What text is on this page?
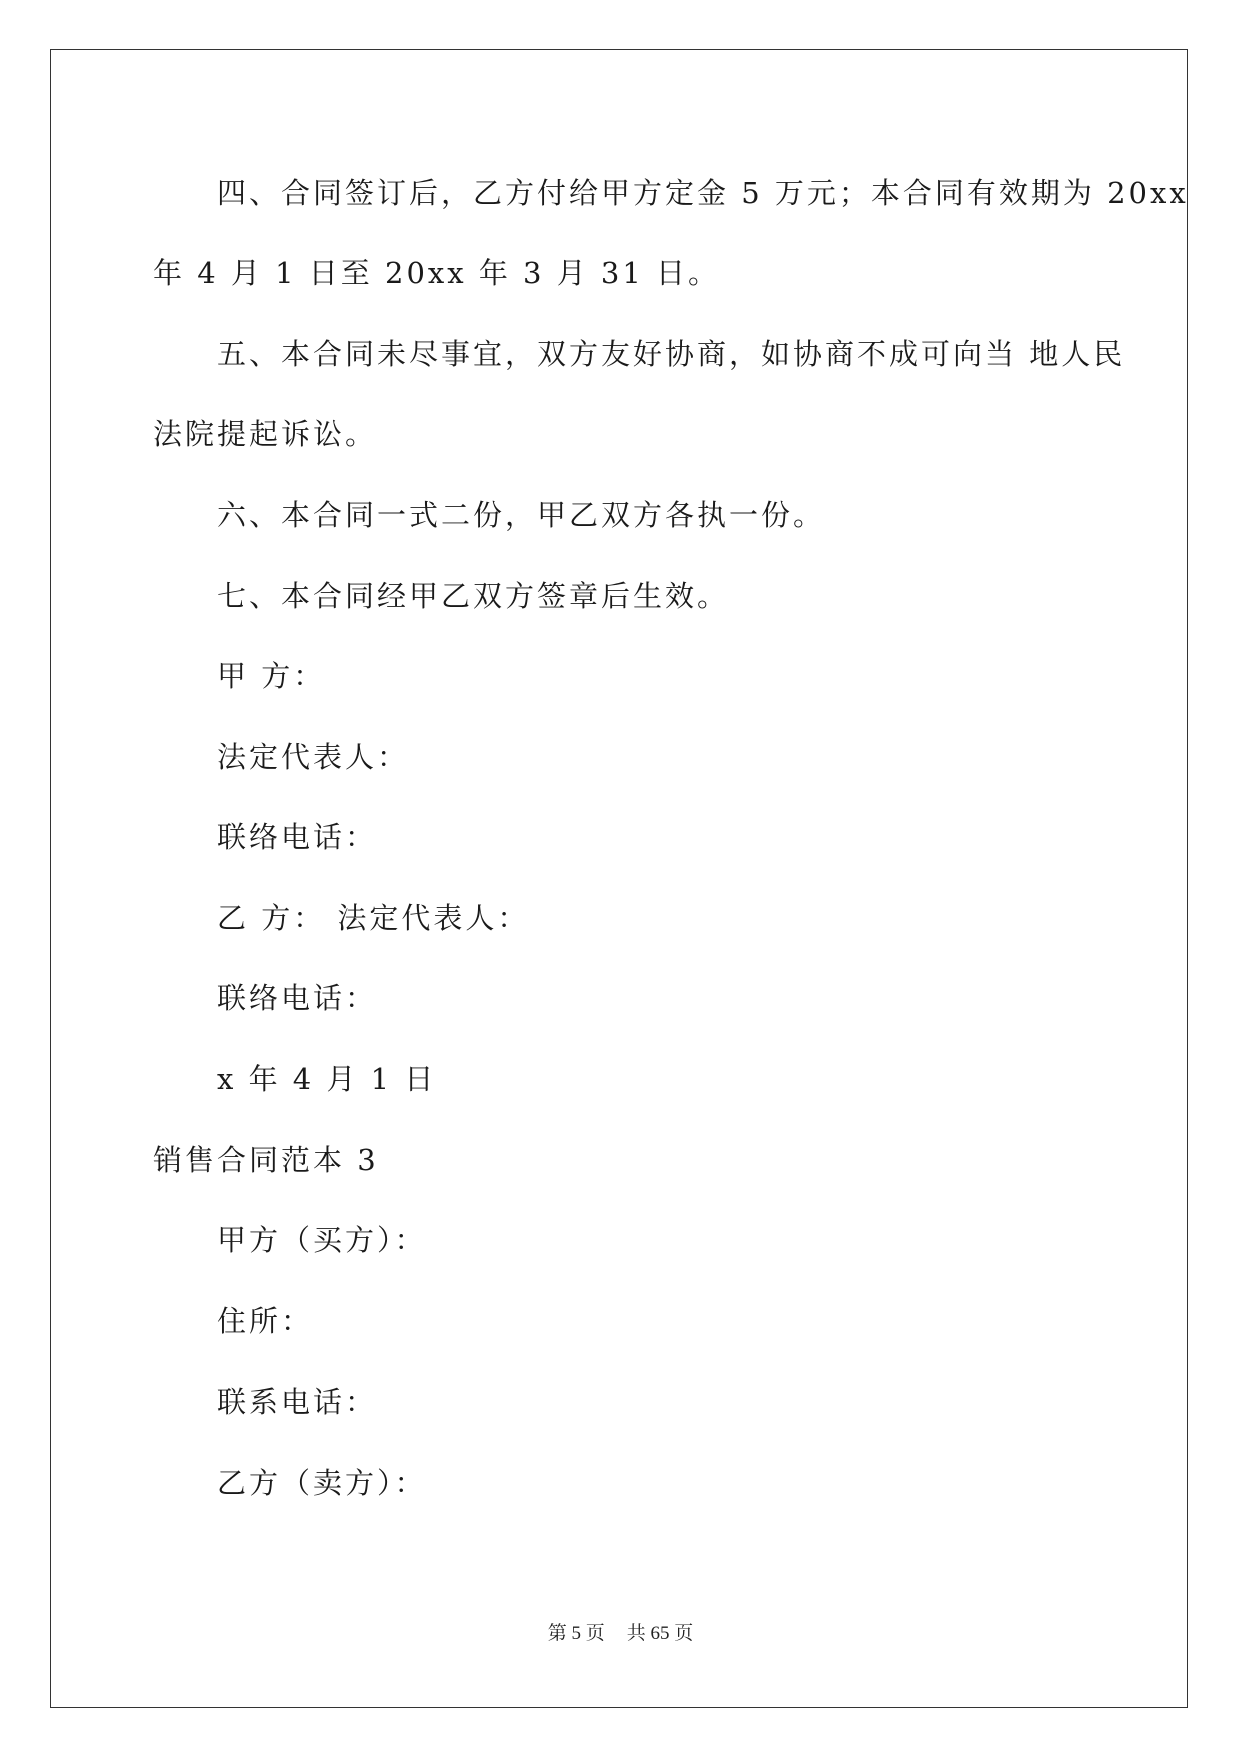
四、合同签订后，乙方付给甲方定金 5 万元；本合同有效期为 20xx
年 4 月 1 日至 20xx 年 3 月 31 日。
五、本合同未尽事宜，双方友好协商，如协商不成可向当 地人民
法院提起诉讼。
六、本合同一式二份，甲乙双方各执一份。
七、本合同经甲乙双方签章后生效。
甲 方：
法定代表人：
联络电话：
乙 方： 法定代表人：
联络电话：
x 年 4 月 1 日
销售合同范本 3
甲方（买方）：
住所：
联系电话：
乙方（卖方）：
第 5 页 共 65 页
